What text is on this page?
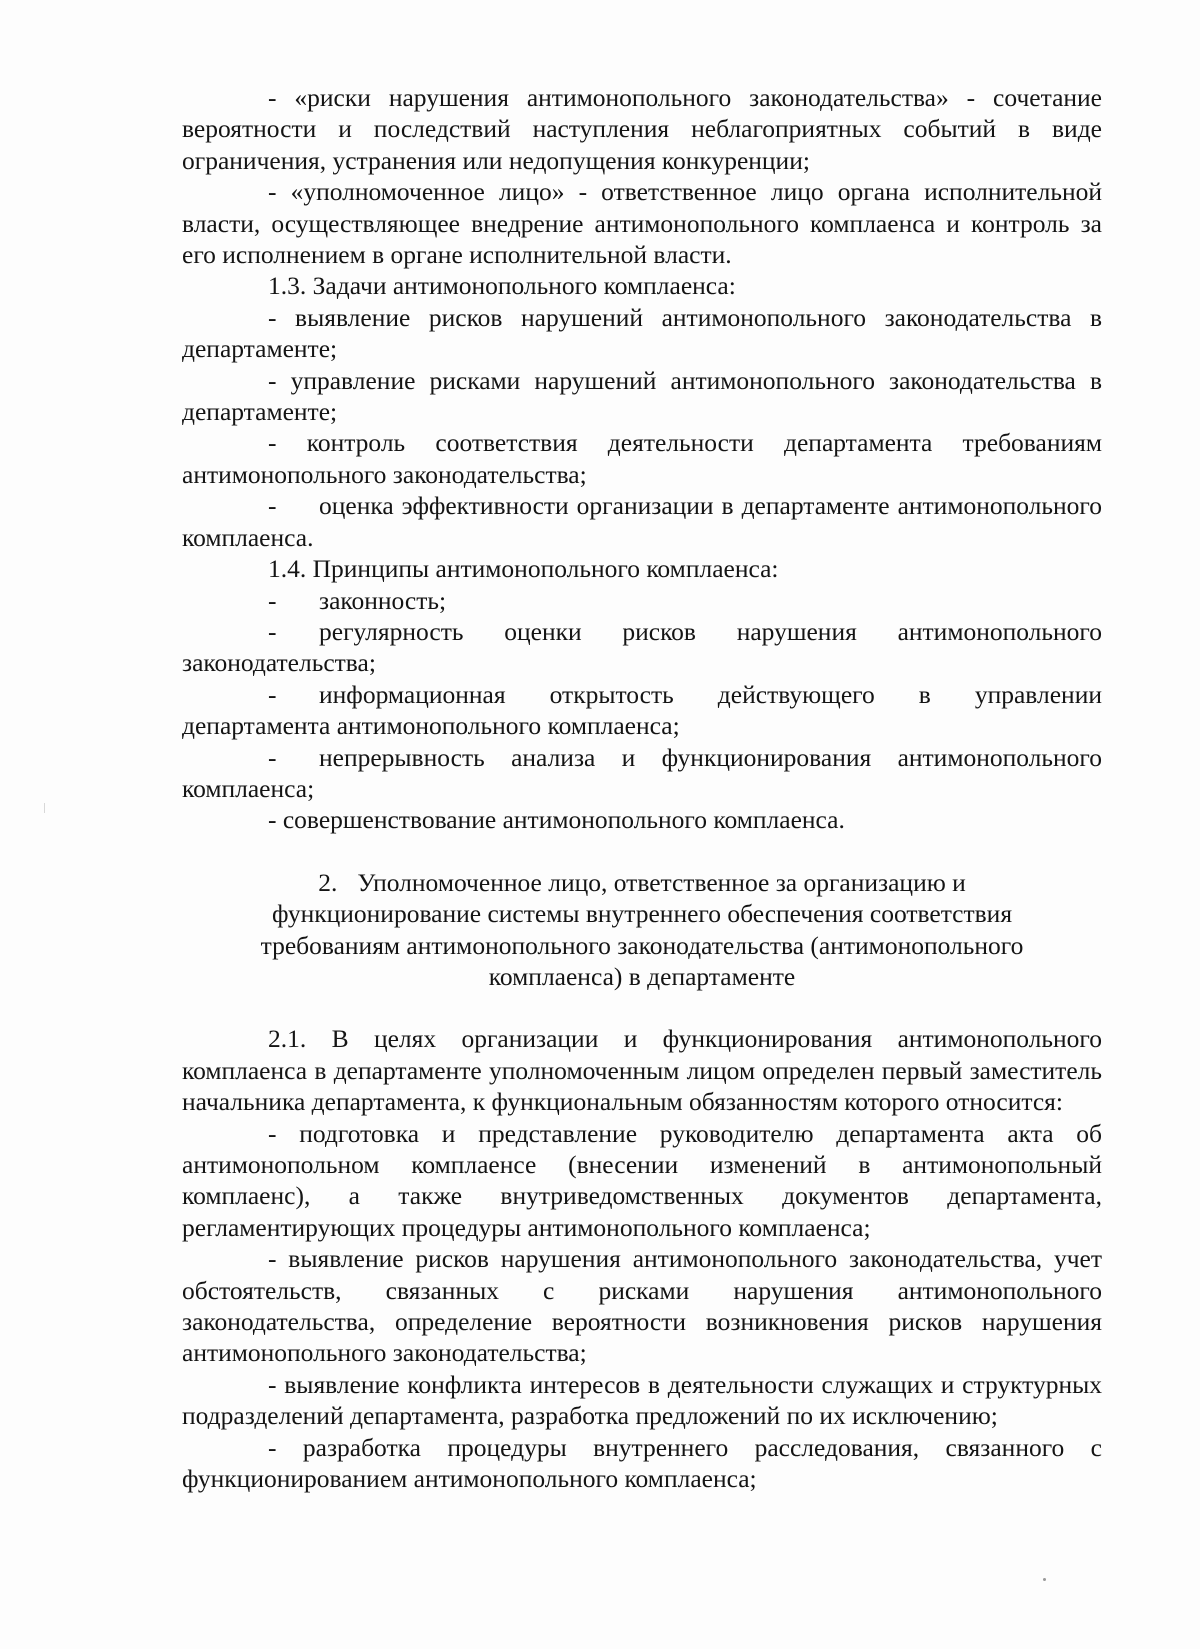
- «риски нарушения антимонопольного законодательства» - сочетание вероятности и последствий наступления неблагоприятных событий в виде ограничения, устранения или недопущения конкуренции;

- «уполномоченное лицо» - ответственное лицо органа исполнительной власти, осуществляющее внедрение антимонопольного комплаенса и контроль за его исполнением в органе исполнительной власти.

1.3. Задачи антимонопольного комплаенса:

- выявление рисков нарушений антимонопольного законодательства в департаменте;

- управление рисками нарушений антимонопольного законодательства в департаменте;

- контроль соответствия деятельности департамента требованиям антимонопольного законодательства;

- оценка эффективности организации в департаменте антимонопольного комплаенса.

1.4. Принципы антимонопольного комплаенса:

- законность;

- регулярность оценки рисков нарушения антимонопольного законодательства;

- информационная открытость действующего в управлении департамента антимонопольного комплаенса;

- непрерывность анализа и функционирования антимонопольного комплаенса;

- совершенствование антимонопольного комплаенса.

2. Уполномоченное лицо, ответственное за организацию и функционирование системы внутреннего обеспечения соответствия требованиям антимонопольного законодательства (антимонопольного комплаенса) в департаменте

2.1. В целях организации и функционирования антимонопольного комплаенса в департаменте уполномоченным лицом определен первый заместитель начальника департамента, к функциональным обязанностям которого относится:

- подготовка и представление руководителю департамента акта об антимонопольном комплаенсе (внесении изменений в антимонопольный комплаенс), а также внутриведомственных документов департамента, регламентирующих процедуры антимонопольного комплаенса;

- выявление рисков нарушения антимонопольного законодательства, учет обстоятельств, связанных с рисками нарушения антимонопольного законодательства, определение вероятности возникновения рисков нарушения антимонопольного законодательства;

- выявление конфликта интересов в деятельности служащих и структурных подразделений департамента, разработка предложений по их исключению;

- разработка процедуры внутреннего расследования, связанного с функционированием антимонопольного комплаенса;
